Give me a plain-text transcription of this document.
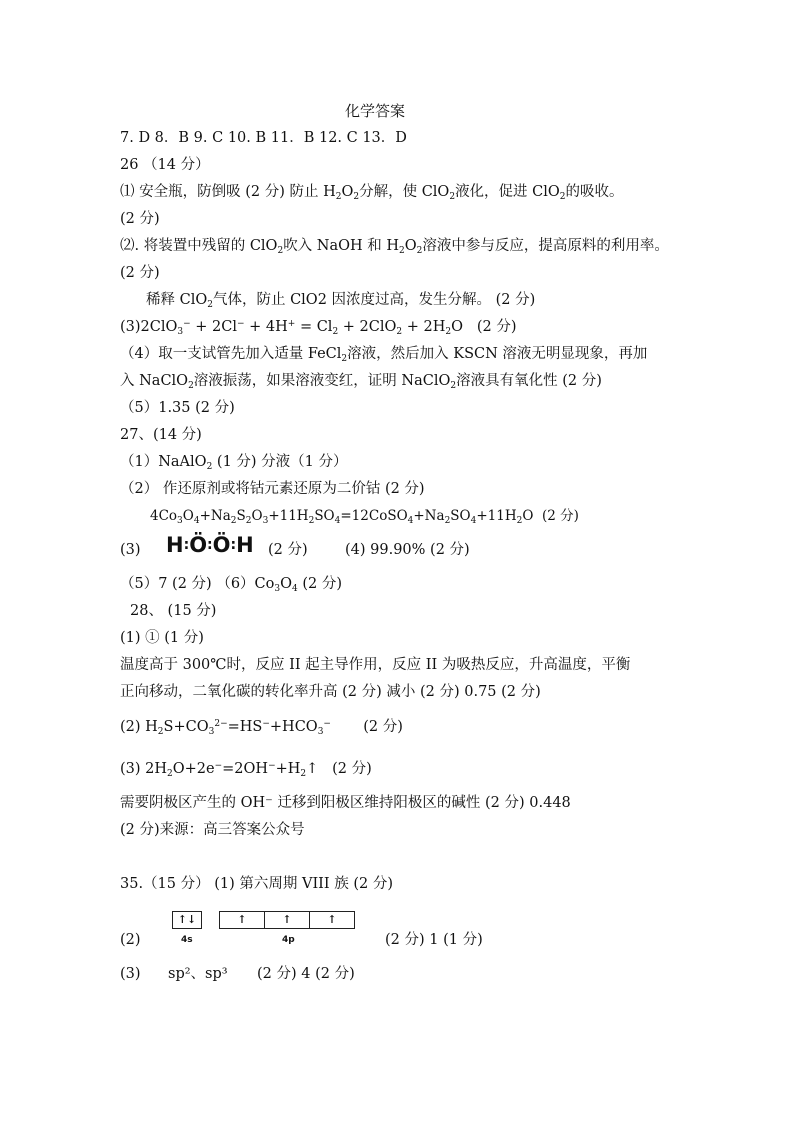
化学答案
7. D 8．B 9. C 10. B 11．B 12. C 13．D
26 （14 分）
⑴ 安全瓶，防倒吸 (2 分) 防止 $H_2O_2$分解，使 ClO$_2$液化，促进 ClO$_2$的吸收。
(2 分)
⑵. 将装置中残留的 ClO$_2$吹入 NaOH 和 $H_2O_2$溶液中参与反应，提高原料的利用率。
(2 分)
稀释 ClO$_2$气体，防止 ClO2 因浓度过高，发生分解。 (2 分)
$(3)2ClO_3^- + 2Cl^- + 4H^+ = Cl_2 + 2ClO_2 + 2H_2O$   (2 分)
（4）取一支试管先加入适量 FeCl$_2$溶液，然后加入 KSCN 溶液无明显现象，再加
入 NaClO$_2$溶液振荡，如果溶液变红，证明 NaClO$_2$溶液具有氧化性 (2 分)
（5）1.35 (2 分)
27、(14 分)
（1）NaAlO$_2$ (1 分) 分液（1 分）
（2） 作还原剂或将钴元素还原为二价钴 (2 分)
$4Co_3O_4+Na_2S_2O_3+11H_2SO_4=12CoSO_4+Na_2SO_4+11H_2O$  (2 分)
(3) H:Ö:Ö:H (2 分)	(4) 99.90% (2 分)
（5）7 (2 分) $(6)Co_3O_4$ (2 分)
28、 (15 分)
(1) ① (1 分)
温度高于 300℃时，反应 II 起主导作用，反应 II 为吸热反应，升高温度，平衡
正向移动，二氧化碳的转化率升高 (2 分) 减小 (2 分) 0.75 (2 分)
(2) $H_2S+CO_3^{2-}=HS^-+HCO_3^-$ (2 分)
(3) $2H_2O+2e^-=2OH^-+H_2↑$   (2 分)
需要阴极区产生的 OH⁻ 迁移到阳极区维持阳极区的碱性 (2 分) 0.448
(2 分)来源：高三答案公众号
35.（15 分） (1) 第六周期 VIII 族 (2 分)
(2)
↑↓
4s
↑	↑	↑
4p	(2 分) 1 (1 分)
(3) sp²、sp³ (2 分) 4 (2 分)
